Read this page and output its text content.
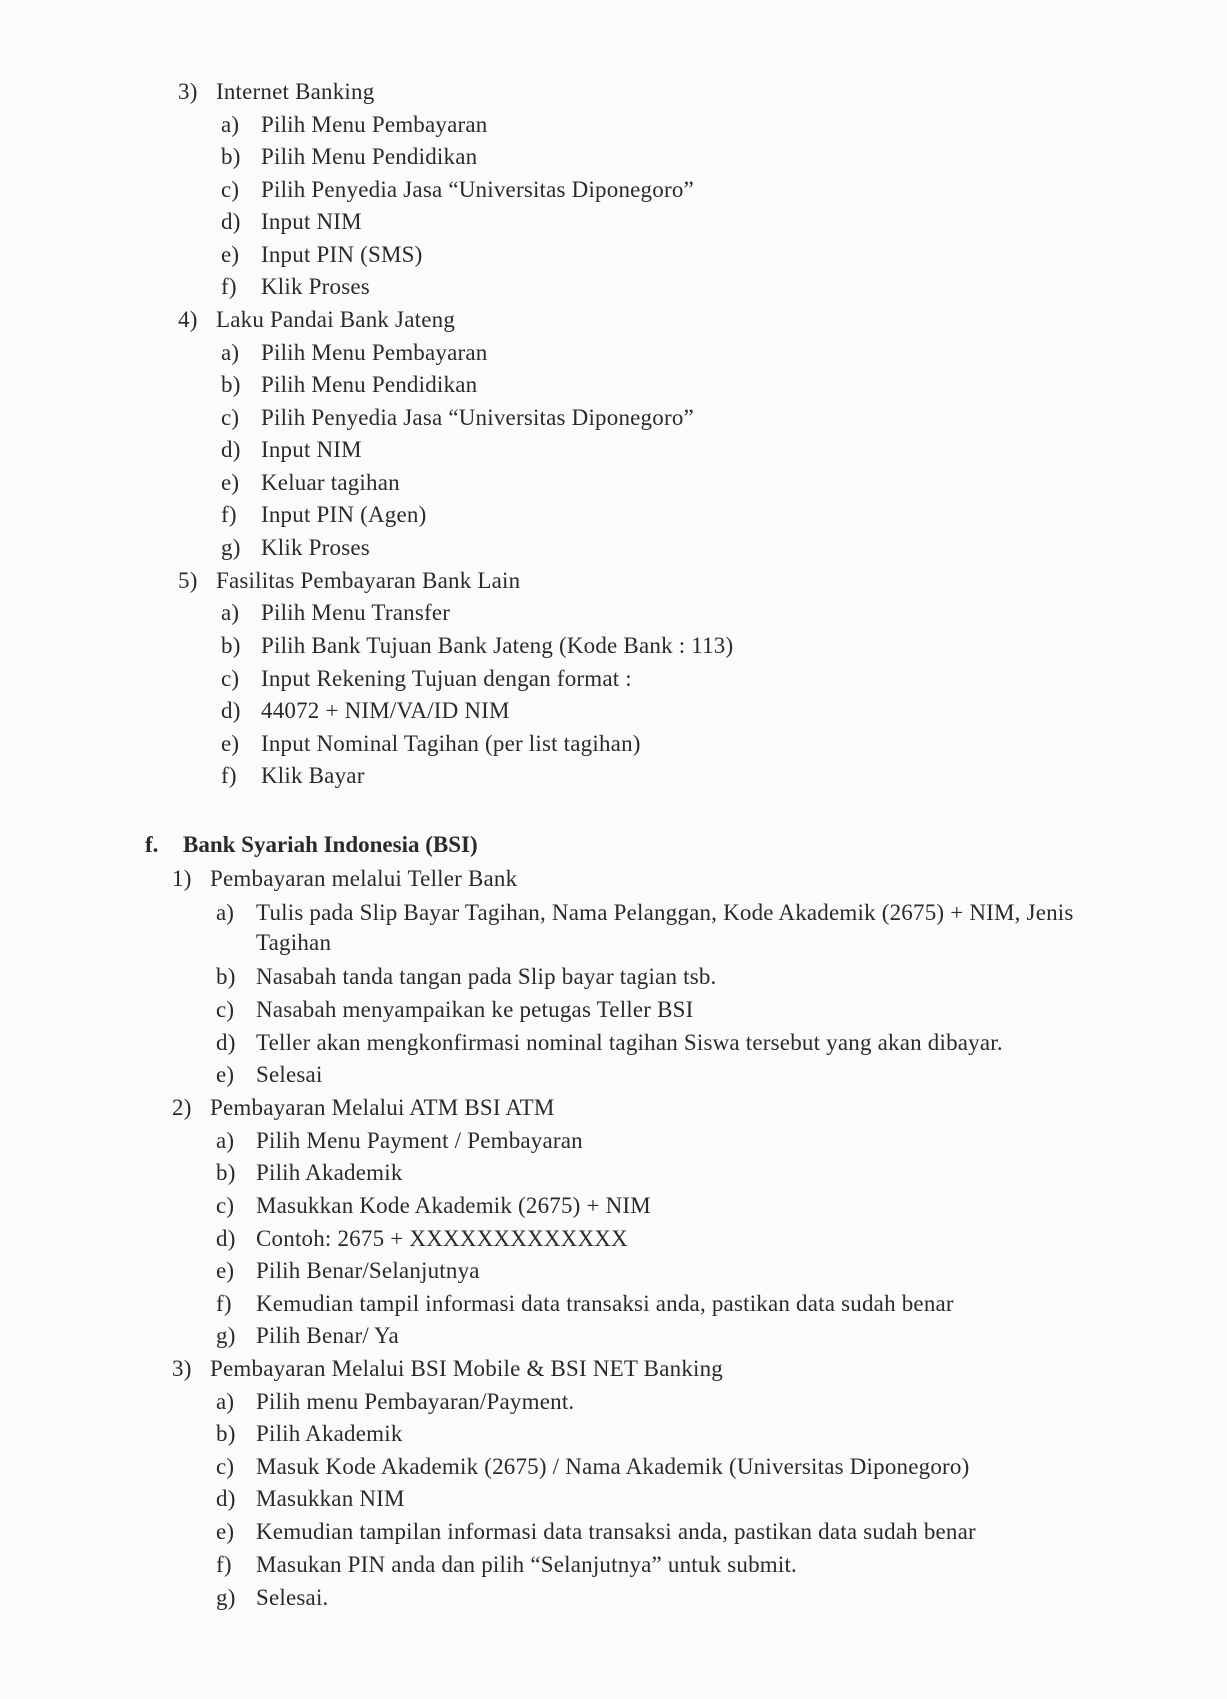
3) Internet Banking
a) Pilih Menu Pembayaran
b) Pilih Menu Pendidikan
c) Pilih Penyedia Jasa “Universitas Diponegoro”
d) Input NIM
e) Input PIN (SMS)
f) Klik Proses
4) Laku Pandai Bank Jateng
a) Pilih Menu Pembayaran
b) Pilih Menu Pendidikan
c) Pilih Penyedia Jasa “Universitas Diponegoro”
d) Input NIM
e) Keluar tagihan
f) Input PIN (Agen)
g) Klik Proses
5) Fasilitas Pembayaran Bank Lain
a) Pilih Menu Transfer
b) Pilih Bank Tujuan Bank Jateng (Kode Bank : 113)
c) Input Rekening Tujuan dengan format :
d) 44072 + NIM/VA/ID NIM
e) Input Nominal Tagihan (per list tagihan)
f) Klik Bayar
f. Bank Syariah Indonesia (BSI)
1) Pembayaran melalui Teller Bank
a) Tulis pada Slip Bayar Tagihan, Nama Pelanggan, Kode Akademik (2675) + NIM, Jenis Tagihan
b) Nasabah tanda tangan pada Slip bayar tagian tsb.
c) Nasabah menyampaikan ke petugas Teller BSI
d) Teller akan mengkonfirmasi nominal tagihan Siswa tersebut yang akan dibayar.
e) Selesai
2) Pembayaran Melalui ATM BSI ATM
a) Pilih Menu Payment / Pembayaran
b) Pilih Akademik
c) Masukkan Kode Akademik (2675) + NIM
d) Contoh: 2675 + XXXXXXXXXXXXX
e) Pilih Benar/Selanjutnya
f) Kemudian tampil informasi data transaksi anda, pastikan data sudah benar
g) Pilih Benar/ Ya
3) Pembayaran Melalui BSI Mobile & BSI NET Banking
a) Pilih menu Pembayaran/Payment.
b) Pilih Akademik
c) Masuk Kode Akademik (2675) / Nama Akademik (Universitas Diponegoro)
d) Masukkan NIM
e) Kemudian tampilan informasi data transaksi anda, pastikan data sudah benar
f) Masukan PIN anda dan pilih “Selanjutnya” untuk submit.
g) Selesai.
